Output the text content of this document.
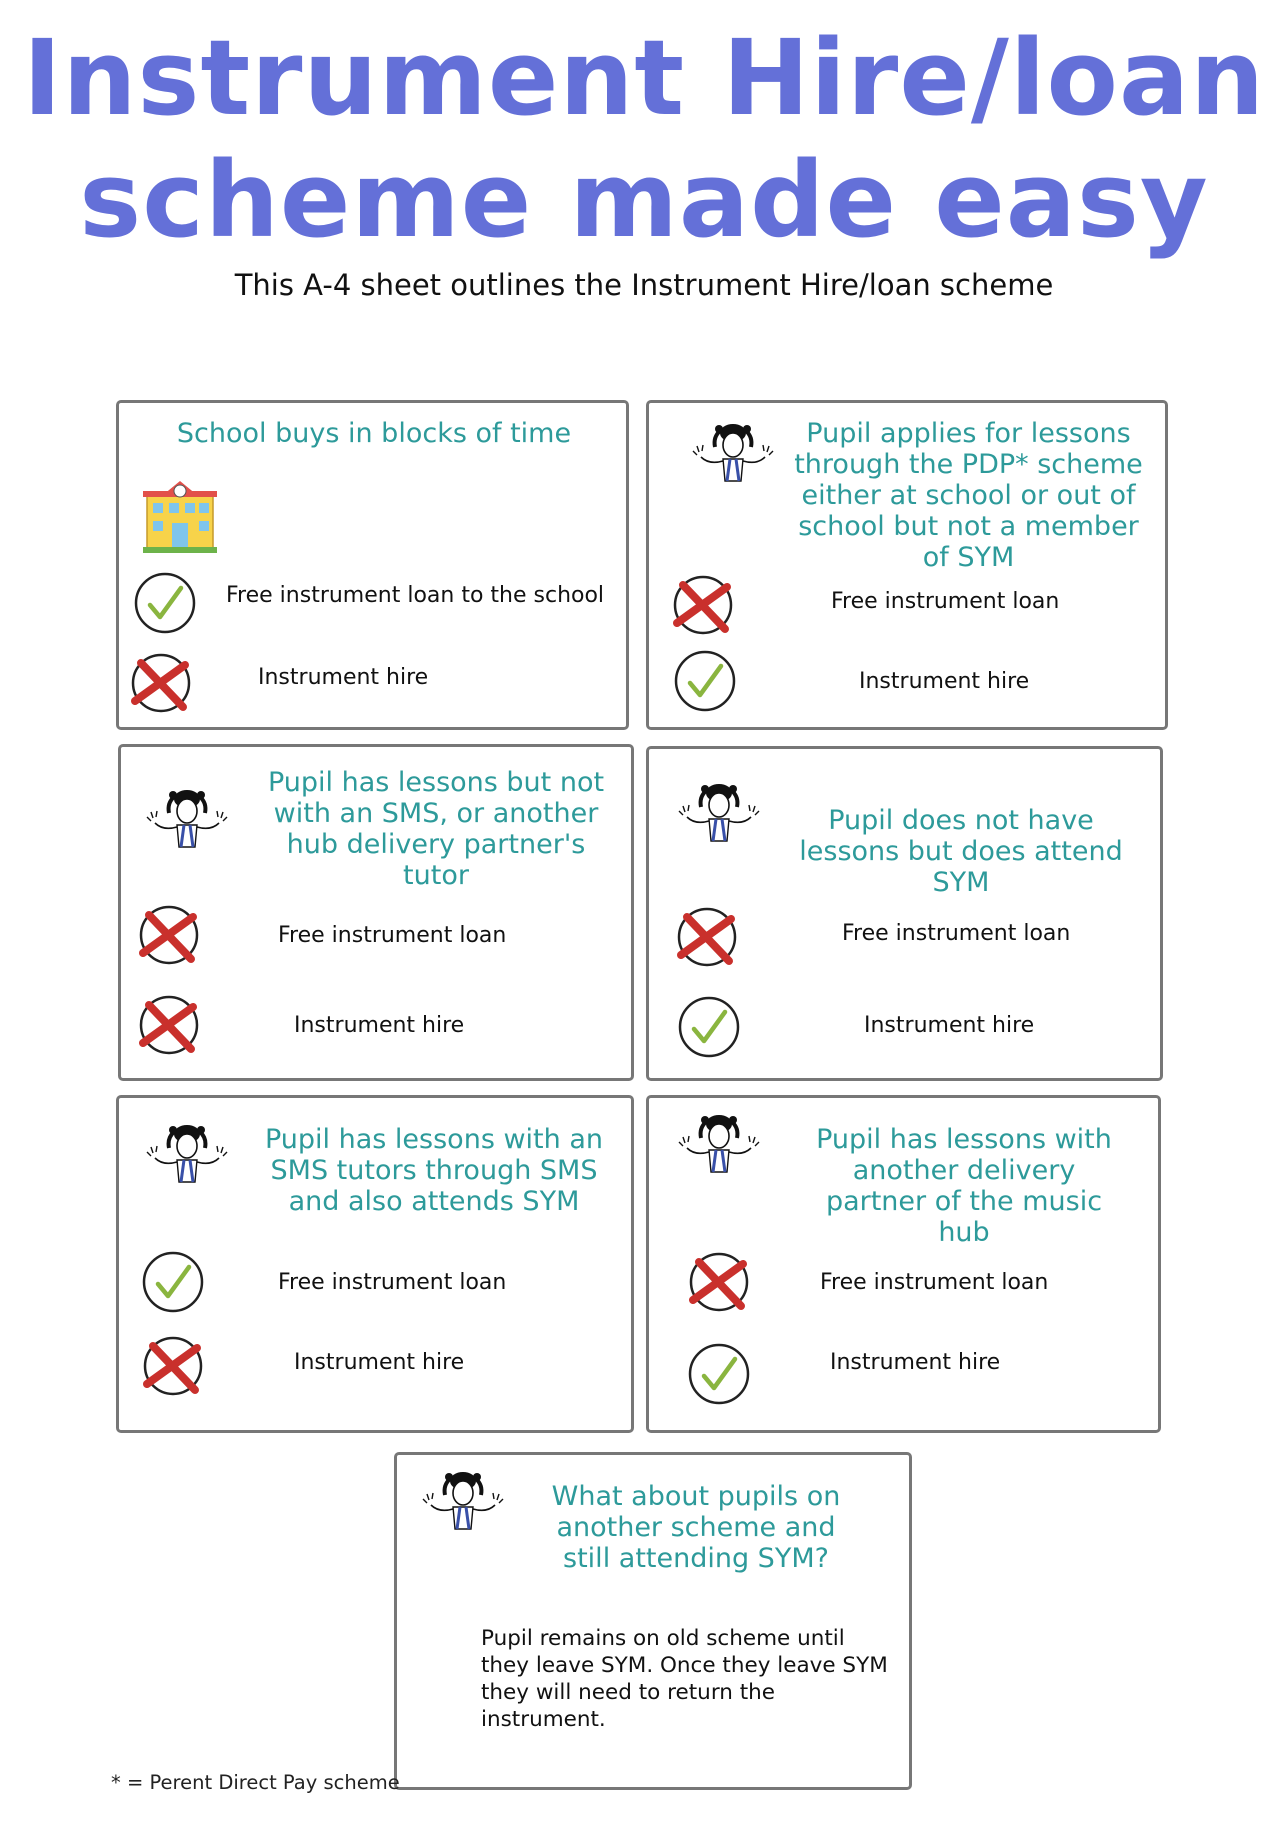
Instrument Hire/loan
scheme made easy
This A-4 sheet outlines the Instrument Hire/loan scheme
School buys in blocks of time
Free instrument loan to the school
Instrument hire
Pupil applies for lessons through the PDP* scheme either at school or out of school but not a member of SYM
Free instrument loan
Instrument hire
Pupil has lessons but not with an SMS, or another hub delivery partner's tutor
Free instrument loan
Instrument hire
Pupil does not have lessons but does attend SYM
Free instrument loan
Instrument hire
Pupil has lessons with an SMS tutors through SMS and also attends SYM
Free instrument loan
Instrument hire
Pupil has lessons with another delivery partner of the music hub
Free instrument loan
Instrument hire
What about pupils on another scheme and still attending SYM?
Pupil remains on old scheme until
they leave SYM. Once they leave SYM
they will need to return the
instrument.
* = Perent Direct Pay scheme
